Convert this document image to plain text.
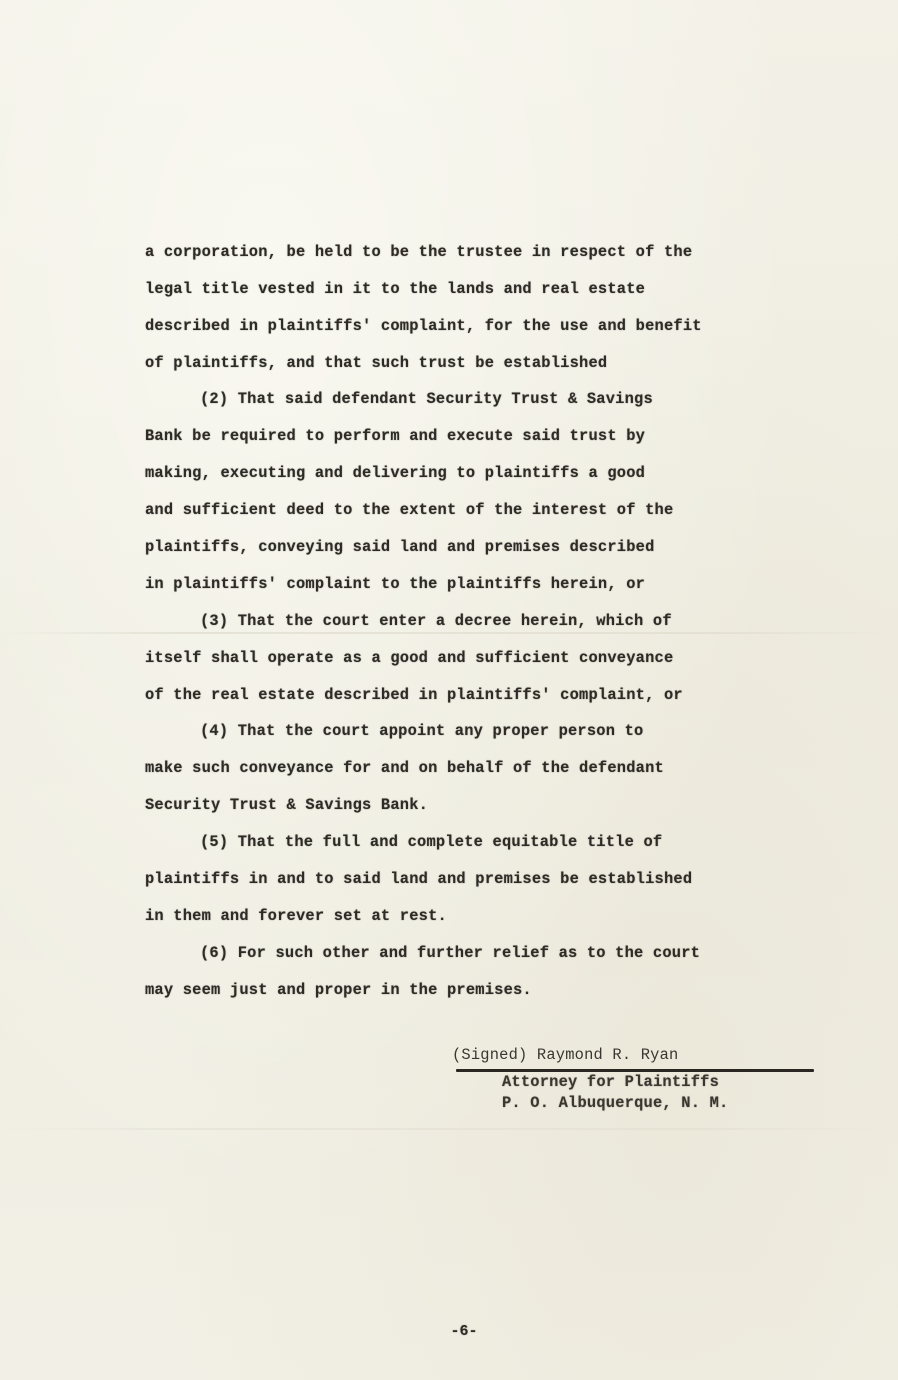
a corporation, be held to be the trustee in respect of the

legal title vested in it to the lands and real estate

described in plaintiffs' complaint, for the use and benefit

of plaintiffs, and that such trust be established

(2) That said defendant Security Trust & Savings

Bank be required to perform and execute said trust by

making, executing and delivering to plaintiffs a good

and sufficient deed to the extent of the interest of the

plaintiffs, conveying said land and premises described

in plaintiffs' complaint to the plaintiffs herein, or

(3) That the court enter a decree herein, which of

itself shall operate as a good and sufficient conveyance

of the real estate described in plaintiffs' complaint, or

(4) That the court appoint any proper person to

make such conveyance for and on behalf of the defendant

Security Trust & Savings Bank.

(5) That the full and complete equitable title of

plaintiffs in and to said land and premises be established

in them and forever set at rest.

(6) For such other and further relief as to the court

may seem just and proper in the premises.

(Signed) Raymond R. Ryan
Attorney for Plaintiffs
P. O. Albuquerque, N. M.
-6-
